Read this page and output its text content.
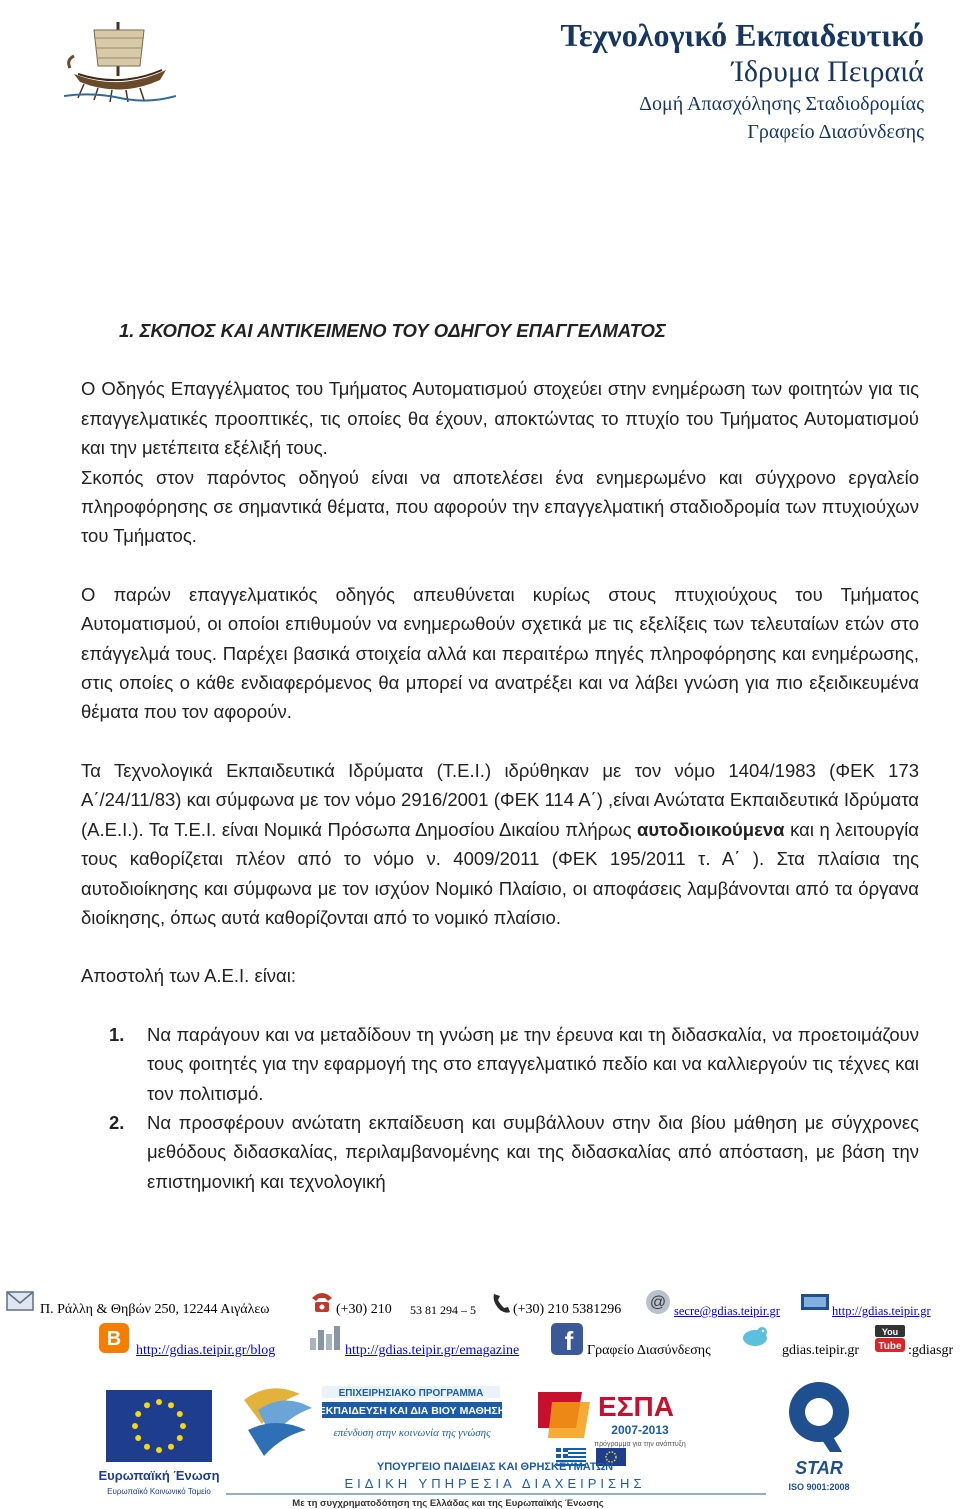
Τεχνολογικό Εκπαιδευτικό
Ίδρυμα Πειραιά
Δομή Απασχόλησης Σταδιοδρομίας
Γραφείο Διασύνδεσης

1. ΣΚΟΠΟΣ ΚΑΙ ΑΝΤΙΚΕΙΜΕΝΟ ΤΟΥ ΟΔΗΓΟΥ ΕΠΑΓΓΕΛΜΑΤΟΣ

Ο Οδηγός Επαγγέλματος του Τμήματος Αυτοματισμού στοχεύει στην ενημέρωση των φοιτητών για τις επαγγελματικές προοπτικές, τις οποίες θα έχουν, αποκτώντας το πτυχίο του Τμήματος Αυτοματισμού και την μετέπειτα εξέλιξή τους.

Σκοπός στον παρόντος οδηγού είναι να αποτελέσει ένα ενημερωμένο και σύγχρονο εργαλείο πληροφόρησης σε σημαντικά θέματα, που αφορούν την επαγγελματική σταδιοδρομία των πτυχιούχων του Τμήματος.

Ο παρών επαγγελματικός οδηγός απευθύνεται κυρίως στους πτυχιούχους του Τμήματος Αυτοματισμού, οι οποίοι επιθυμούν να ενημερωθούν σχετικά με τις εξελίξεις των τελευταίων ετών στο επάγγελμά τους. Παρέχει βασικά στοιχεία αλλά και περαιτέρω πηγές πληροφόρησης και ενημέρωσης, στις οποίες ο κάθε ενδιαφερόμενος θα μπορεί να ανατρέξει και να λάβει γνώση για πιο εξειδικευμένα θέματα που τον αφορούν.

Τα Τεχνολογικά Εκπαιδευτικά Ιδρύματα (Τ.Ε.Ι.) ιδρύθηκαν με τον νόμο 1404/1983 (ΦΕΚ 173 Α΄/24/11/83) και σύμφωνα με τον νόμο 2916/2001 (ΦΕΚ 114 Α΄) ,είναι Ανώτατα Εκπαιδευτικά Ιδρύματα (Α.Ε.Ι.). Τα Τ.Ε.Ι. είναι Νομικά Πρόσωπα Δημοσίου Δικαίου πλήρως αυτοδιοικούμενα και η λειτουργία τους καθορίζεται πλέον από το νόμο ν. 4009/2011 (ΦΕΚ 195/2011 τ. Α΄ ). Στα πλαίσια της αυτοδιοίκησης και σύμφωνα με τον ισχύον Νομικό Πλαίσιο, οι αποφάσεις λαμβάνονται από τα όργανα διοίκησης, όπως αυτά καθορίζονται από το νομικό πλαίσιο.

Αποστολή των Α.Ε.Ι. είναι:

1. Να παράγουν και να μεταδίδουν τη γνώση με την έρευνα και τη διδασκαλία, να προετοιμάζουν τους φοιτητές για την εφαρμογή της στο επαγγελματικό πεδίο και να καλλιεργούν τις τέχνες και τον πολιτισμό.
2. Να προσφέρουν ανώτατη εκπαίδευση και συμβάλλουν στην δια βίου μάθηση με σύγχρονες μεθόδους διδασκαλίας, περιλαμβανομένης και της διδασκαλίας από απόσταση, με βάση την επιστημονική και τεχνολογική
Π. Ράλλη & Θηβών 250, 12244 Αιγάλεω	(+30) 210 53 81 294 – 5	(+30) 210 5381296 @ secre@gdias.teipir.gr	http://gdias.teipir.gr
B
http://gdias.teipir.gr/blog	http://gdias.teipir.gr/emagazine f Γραφείο Διασύνδεσης	gdias.teipir.gr
You
Tube :gdiasgr
Ευρωπαϊκή Ένωση
Ευρωπαϊκό Κοινωνικό Ταμείο
ΕΠΙΧΕΙΡΗΣΙΑΚΟ ΠΡΟΓΡΑΜΜΑ
ΕΚΠΑΙΔΕΥΣΗ ΚΑΙ ΔΙΑ ΒΙΟΥ ΜΑΘΗΣΗ
επένδυση στην κοινωνία της γνώσης
ΕΣΠΑ
2007-2013
πρόγραμμα για την ανάπτυξη
ΥΠΟΥΡΓΕΙΟ ΠΑΙΔΕΙΑΣ ΚΑΙ ΘΡΗΣΚΕΥΜΑΤΩΝ
ΕΙΔΙΚΗ ΥΠΗΡΕΣΙΑ ΔΙΑΧΕΙΡΙΣΗΣ
Με τη συγχρηματοδότηση της Ελλάδας και της Ευρωπαϊκής Ένωσης
STAR
ISO 9001:2008
